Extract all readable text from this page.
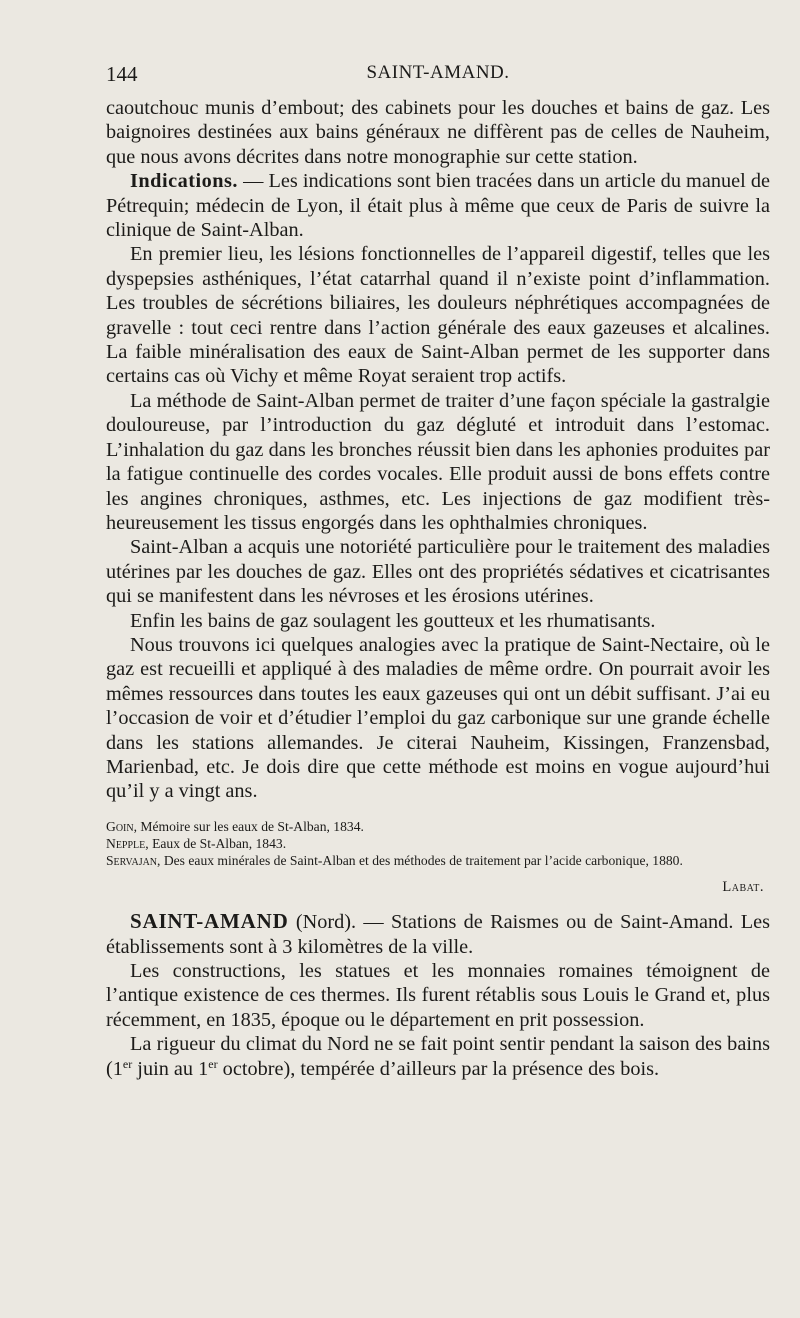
144	SAINT-AMAND.

caoutchouc munis d’embout; des cabinets pour les douches et bains de gaz. Les baignoires destinées aux bains généraux ne diffèrent pas de celles de Nauheim, que nous avons décrites dans notre monographie sur cette station.

Indications. — Les indications sont bien tracées dans un article du manuel de Pétrequin; médecin de Lyon, il était plus à même que ceux de Paris de suivre la clinique de Saint-Alban.

En premier lieu, les lésions fonctionnelles de l’appareil digestif, telles que les dyspepsies asthéniques, l’état catarrhal quand il n’existe point d’inflammation. Les troubles de sécrétions biliaires, les douleurs néphrétiques accompagnées de gravelle : tout ceci rentre dans l’action générale des eaux gazeuses et alcalines. La faible minéralisation des eaux de Saint-Alban permet de les supporter dans certains cas où Vichy et même Royat seraient trop actifs.

La méthode de Saint-Alban permet de traiter d’une façon spéciale la gastralgie douloureuse, par l’introduction du gaz dégluté et introduit dans l’estomac. L’inhalation du gaz dans les bronches réussit bien dans les aphonies produites par la fatigue continuelle des cordes vocales. Elle produit aussi de bons effets contre les angines chroniques, asthmes, etc. Les injections de gaz modifient très-heureusement les tissus engorgés dans les ophthalmies chroniques.

Saint-Alban a acquis une notoriété particulière pour le traitement des maladies utérines par les douches de gaz. Elles ont des propriétés sédatives et cicatrisantes qui se manifestent dans les névroses et les érosions utérines.

Enfin les bains de gaz soulagent les goutteux et les rhumatisants.

Nous trouvons ici quelques analogies avec la pratique de Saint-Nectaire, où le gaz est recueilli et appliqué à des maladies de même ordre. On pourrait avoir les mêmes ressources dans toutes les eaux gazeuses qui ont un débit suffisant. J’ai eu l’occasion de voir et d’étudier l’emploi du gaz carbonique sur une grande échelle dans les stations allemandes. Je citerai Nauheim, Kissingen, Franzensbad, Marienbad, etc. Je dois dire que cette méthode est moins en vogue aujourd’hui qu’il y a vingt ans.

Goin, Mémoire sur les eaux de St-Alban, 1834.

Nepple, Eaux de St-Alban, 1843.

Servajan, Des eaux minérales de Saint-Alban et des méthodes de traitement par l’acide carbonique, 1880.

Labat.

SAINT-AMAND (Nord). — Stations de Raismes ou de Saint-Amand. Les établissements sont à 3 kilomètres de la ville.

Les constructions, les statues et les monnaies romaines témoignent de l’antique existence de ces thermes. Ils furent rétablis sous Louis le Grand et, plus récemment, en 1835, époque ou le département en prit possession.

La rigueur du climat du Nord ne se fait point sentir pendant la saison des bains (1er juin au 1er octobre), tempérée d’ailleurs par la présence des bois.
